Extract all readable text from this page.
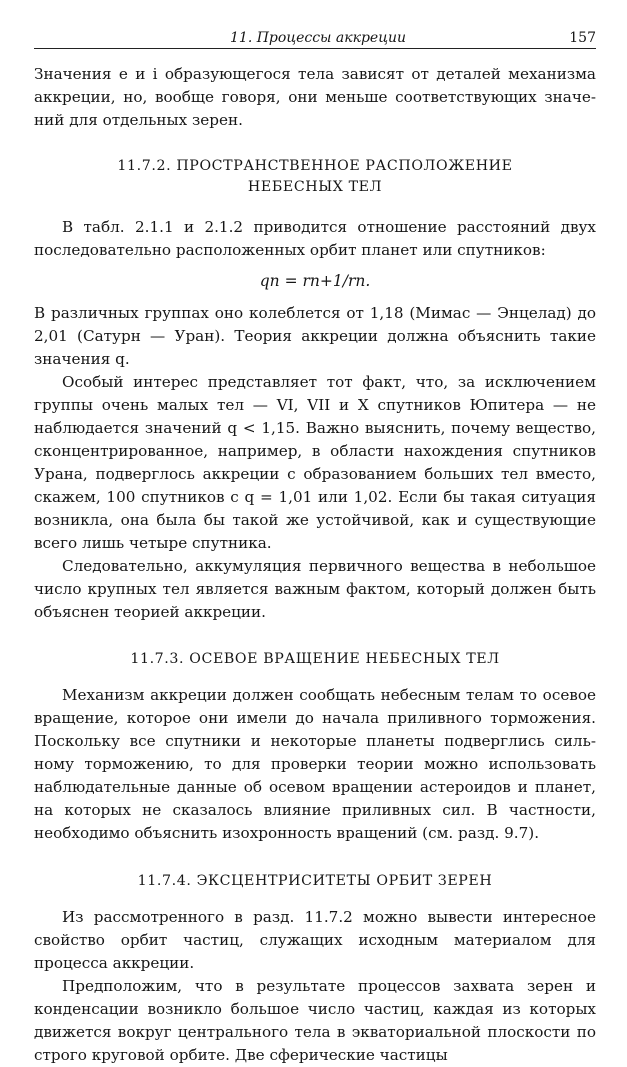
11. Процессы аккреции	157

Значения e и i образующегося тела зависят от деталей механизма аккреции, но, вообще говоря, они меньше соответствующих значений для отдельных зерен.

11.7.2. ПРОСТРАНСТВЕННОЕ РАСПОЛОЖЕНИЕ
НЕБЕСНЫХ ТЕЛ

В табл. 2.1.1 и 2.1.2 приводится отношение расстояний двух последовательно расположенных орбит планет или спутников:

qn = rn+1/rn.

В различных группах оно колеблется от 1,18 (Мимас — Энцелад) до 2,01 (Сатурн — Уран). Теория аккреции должна объяснить такие значения q.

Особый интерес представляет тот факт, что, за исключением группы очень малых тел — VI, VII и X спутников Юпитера — не наблюдается значений q < 1,15. Важно выяснить, почему вещество, сконцентрированное, например, в области нахождения спутников Урана, подверглось аккреции с образованием больших тел вместо, скажем, 100 спутников с q = 1,01 или 1,02. Если бы такая ситуация возникла, она была бы такой же устойчивой, как и существующие всего лишь четыре спутника.

Следовательно, аккумуляция первичного вещества в небольшое число крупных тел является важным фактом, который должен быть объяснен теорией аккреции.

11.7.3. ОСЕВОЕ ВРАЩЕНИЕ НЕБЕСНЫХ ТЕЛ

Механизм аккреции должен сообщать небесным телам то осевое вращение, которое они имели до начала приливного торможения. Поскольку все спутники и некоторые планеты подверглись сильному торможению, то для проверки теории можно использовать наблюдательные данные об осевом вращении астероидов и планет, на которых не сказалось влияние приливных сил. В частности, необходимо объяснить изохронность вращений (см. разд. 9.7).

11.7.4. ЭКСЦЕНТРИСИТЕТЫ ОРБИТ ЗЕРЕН

Из рассмотренного в разд. 11.7.2 можно вывести интересное свойство орбит частиц, служащих исходным материалом для процесса аккреции.

Предположим, что в результате процессов захвата зерен и конденсации возникло большое число частиц, каждая из которых движется вокруг центрального тела в экваториальной плоскости по строго круговой орбите. Две сферические частицы
